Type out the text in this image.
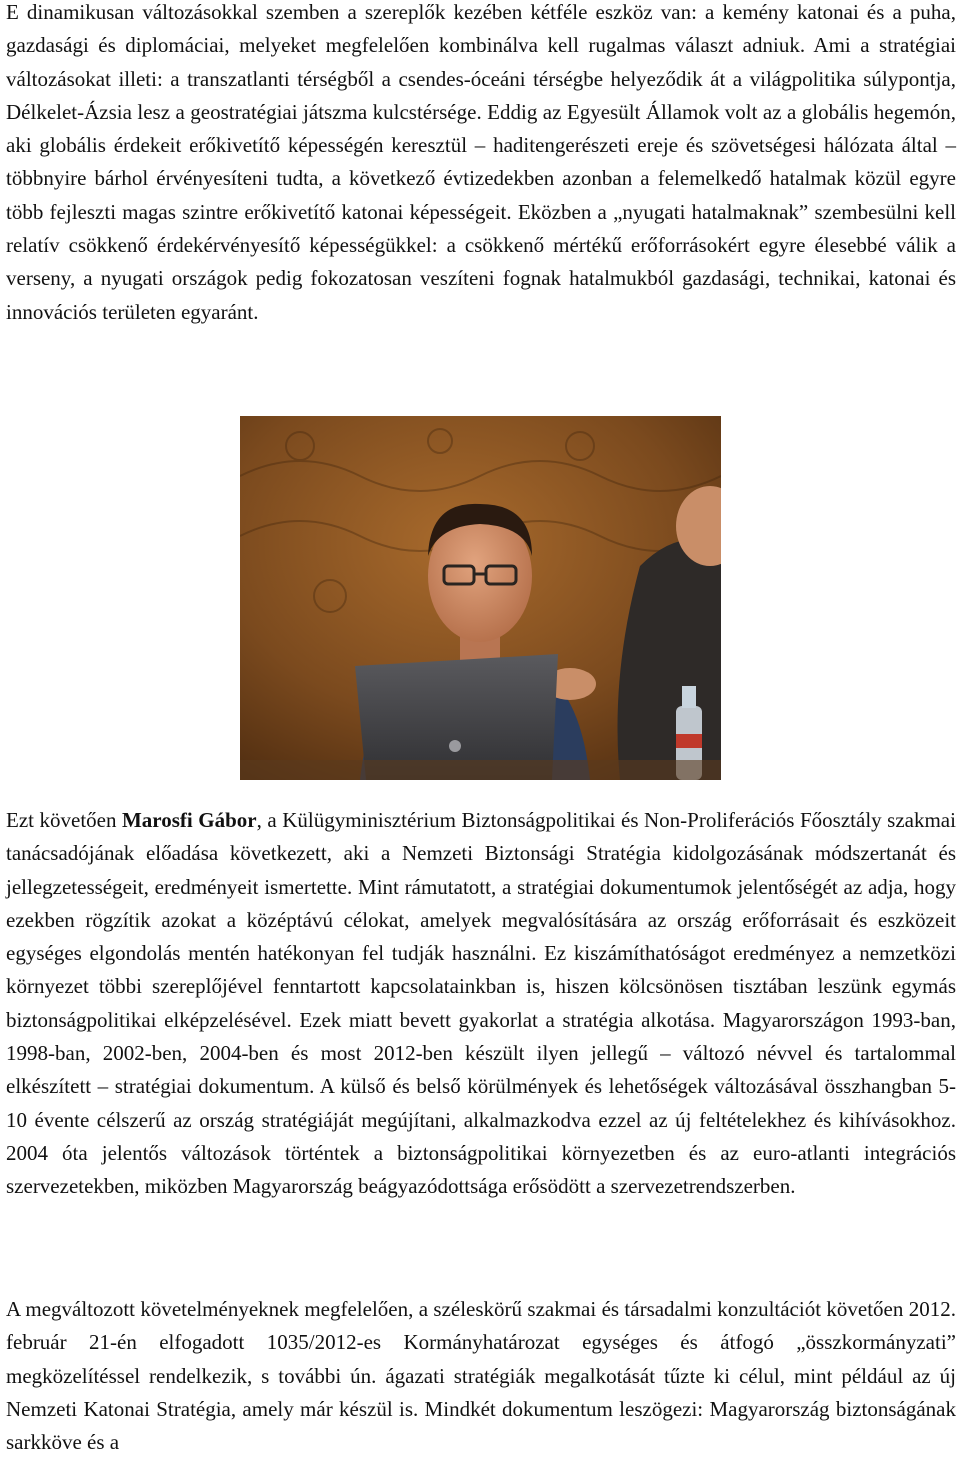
E dinamikusan változásokkal szemben a szereplők kezében kétféle eszköz van: a kemény katonai és a puha, gazdasági és diplomáciai, melyeket megfelelően kombinálva kell rugalmas választ adniuk. Ami a stratégiai változásokat illeti: a transzatlanti térségből a csendes-óceáni térségbe helyeződik át a világpolitika súlypontja, Délkelet-Ázsia lesz a geostratégiai játszma kulcstérsége. Eddig az Egyesült Államok volt az a globális hegemón, aki globális érdekeit erőkivetítő képességén keresztül – haditengerészeti ereje és szövetségesi hálózata által – többnyire bárhol érvényesíteni tudta, a következő évtizedekben azonban a felemelkedő hatalmak közül egyre több fejleszti magas szintre erőkivetítő katonai képességeit. Eközben a „nyugati hatalmaknak” szembesülni kell relatív csökkenő érdekérvényesítő képességükkel: a csökkenő mértékű erőforrásokért egyre élesebbé válik a verseny, a nyugati országok pedig fokozatosan veszíteni fognak hatalmukból gazdasági, technikai, katonai és innovációs területen egyaránt.

Ezt követően Marosfi Gábor, a Külügyminisztérium Biztonságpolitikai és Non-Proliferációs Főosztály szakmai tanácsadójának előadása következett, aki a Nemzeti Biztonsági Stratégia kidolgozásának módszertanát és jellegzetességeit, eredményeit ismertette. Mint rámutatott, a stratégiai dokumentumok jelentőségét az adja, hogy ezekben rögzítik azokat a középtávú célokat, amelyek megvalósítására az ország erőforrásait és eszközeit egységes elgondolás mentén hatékonyan fel tudják használni. Ez kiszámíthatóságot eredményez a nemzetközi környezet többi szereplőjével fenntartott kapcsolatainkban is, hiszen kölcsönösen tisztában leszünk egymás biztonságpolitikai elképzelésével. Ezek miatt bevett gyakorlat a stratégia alkotása. Magyarországon 1993-ban, 1998-ban, 2002-ben, 2004-ben és most 2012-ben készült ilyen jellegű – változó névvel és tartalommal elkészített – stratégiai dokumentum. A külső és belső körülmények és lehetőségek változásával összhangban 5-10 évente célszerű az ország stratégiáját megújítani, alkalmazkodva ezzel az új feltételekhez és kihívásokhoz. 2004 óta jelentős változások történtek a biztonságpolitikai környezetben és az euro-atlanti integrációs szervezetekben, miközben Magyarország beágyazódottsága erősödött a szervezetrendszerben.

A megváltozott követelményeknek megfelelően, a széleskörű szakmai és társadalmi konzultációt követően 2012. február 21-én elfogadott 1035/2012-es Kormányhatározat egységes és átfogó „összkormányzati” megközelítéssel rendelkezik, s további ún. ágazati stratégiák megalkotását tűzte ki célul, mint például az új Nemzeti Katonai Stratégia, amely már készül is. Mindkét dokumentum leszögezi: Magyarország biztonságának sarkköve és a
